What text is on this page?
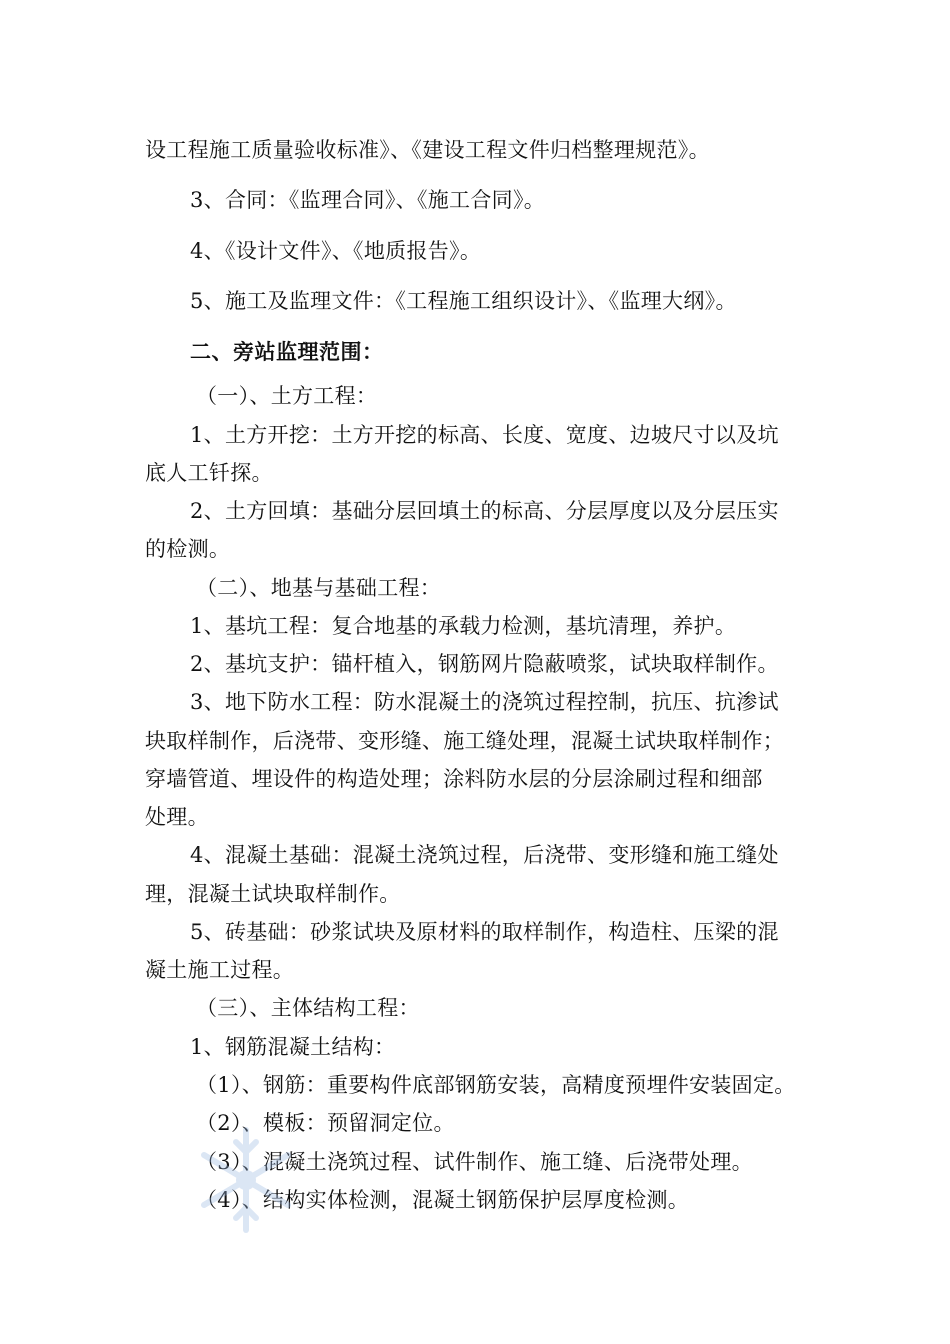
设工程施工质量验收标准》、《建设工程文件归档整理规范》。
3、合同：《监理合同》、《施工合同》。
4、《设计文件》、《地质报告》。
5、施工及监理文件：《工程施工组织设计》、《监理大纲》。
二、旁站监理范围：
（一）、土方工程：
1、土方开挖：土方开挖的标高、长度、宽度、边坡尺寸以及坑
底人工钎探。
2、土方回填：基础分层回填土的标高、分层厚度以及分层压实
的检测。
（二）、地基与基础工程：
1、基坑工程：复合地基的承载力检测，基坑清理，养护。
2、基坑支护：锚杆植入，钢筋网片隐蔽喷浆，试块取样制作。
3、地下防水工程：防水混凝土的浇筑过程控制，抗压、抗渗试
块取样制作，后浇带、变形缝、施工缝处理，混凝土试块取样制作；
穿墙管道、埋设件的构造处理；涂料防水层的分层涂刷过程和细部
处理。
4、混凝土基础：混凝土浇筑过程，后浇带、变形缝和施工缝处
理，混凝土试块取样制作。
5、砖基础：砂浆试块及原材料的取样制作，构造柱、压梁的混
凝土施工过程。
（三）、主体结构工程：
1、钢筋混凝土结构：
（1）、钢筋：重要构件底部钢筋安装，高精度预埋件安装固定。
（2）、模板：预留洞定位。
（3）、混凝土浇筑过程、试件制作、施工缝、后浇带处理。
（4）、结构实体检测，混凝土钢筋保护层厚度检测。
